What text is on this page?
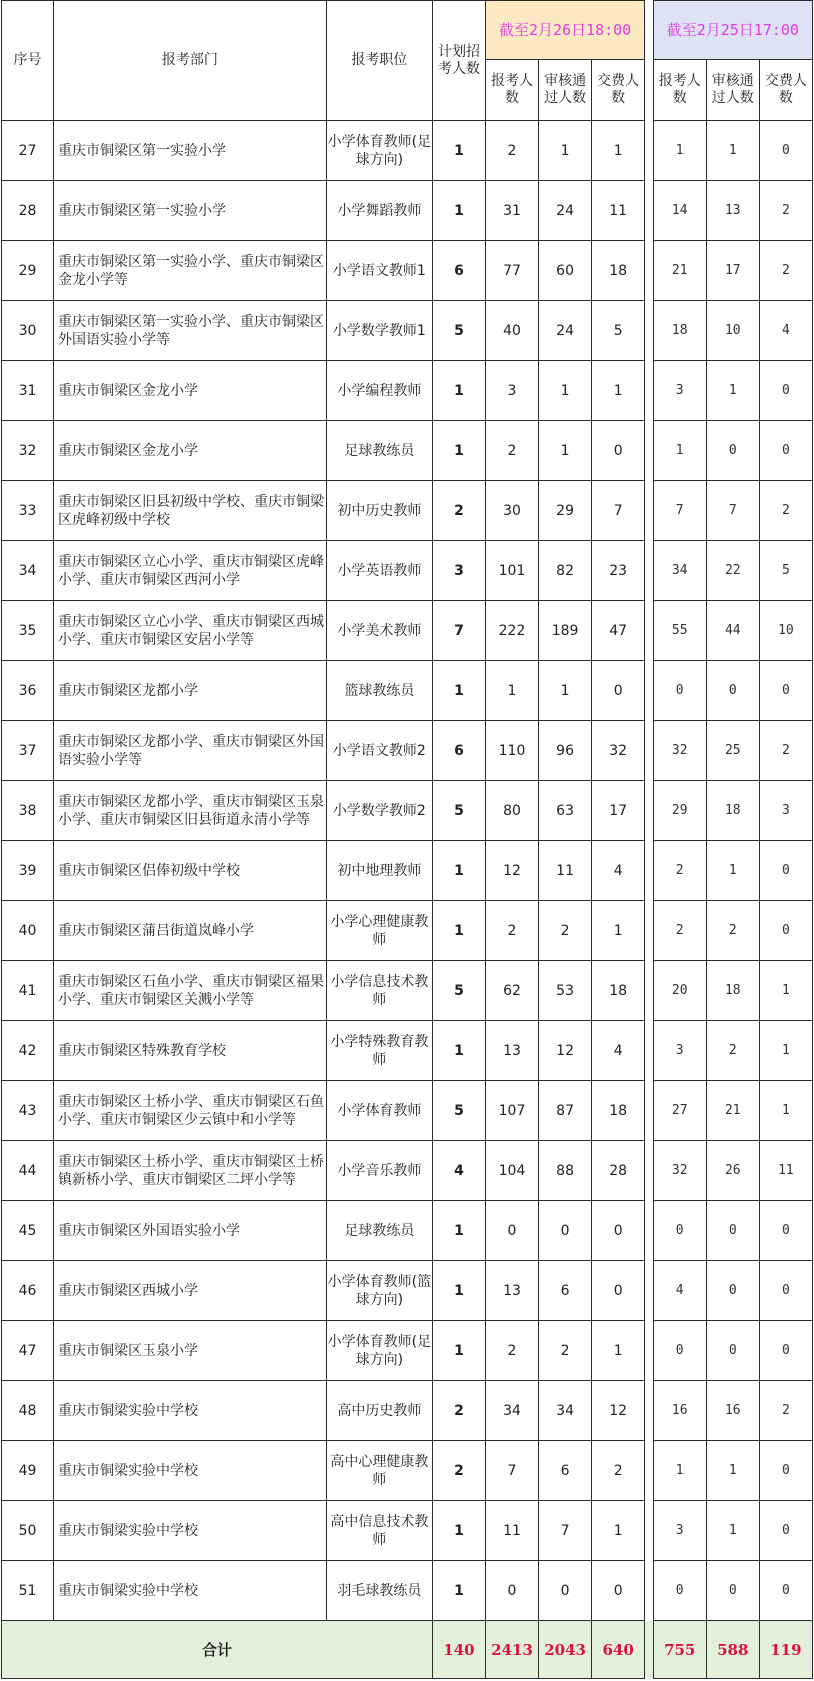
序号	报考部门	报考职位	计划招考人数	截至2月26日18:00				截至2月25日17:00		
				报考人数	审核通过人数	交费人数		报考人数	审核通过人数	交费人数
27	重庆市铜梁区第一实验小学	小学体育教师(足球方向)	1	2	1	1		1	1	0
28	重庆市铜梁区第一实验小学	小学舞蹈教师	1	31	24	11		14	13	2
29	重庆市铜梁区第一实验小学、重庆市铜梁区金龙小学等	小学语文教师1	6	77	60	18		21	17	2
30	重庆市铜梁区第一实验小学、重庆市铜梁区外国语实验小学等	小学数学教师1	5	40	24	5		18	10	4
31	重庆市铜梁区金龙小学	小学编程教师	1	3	1	1		3	1	0
32	重庆市铜梁区金龙小学	足球教练员	1	2	1	0		1	0	0
33	重庆市铜梁区旧县初级中学校、重庆市铜梁区虎峰初级中学校	初中历史教师	2	30	29	7		7	7	2
34	重庆市铜梁区立心小学、重庆市铜梁区虎峰小学、重庆市铜梁区西河小学	小学英语教师	3	101	82	23		34	22	5
35	重庆市铜梁区立心小学、重庆市铜梁区西城小学、重庆市铜梁区安居小学等	小学美术教师	7	222	189	47		55	44	10
36	重庆市铜梁区龙都小学	篮球教练员	1	1	1	0		0	0	0
37	重庆市铜梁区龙都小学、重庆市铜梁区外国语实验小学等	小学语文教师2	6	110	96	32		32	25	2
38	重庆市铜梁区龙都小学、重庆市铜梁区玉泉小学、重庆市铜梁区旧县街道永清小学等	小学数学教师2	5	80	63	17		29	18	3
39	重庆市铜梁区侣俸初级中学校	初中地理教师	1	12	11	4		2	1	0
40	重庆市铜梁区蒲吕街道岚峰小学	小学心理健康教师	1	2	2	1		2	2	0
41	重庆市铜梁区石鱼小学、重庆市铜梁区福果小学、重庆市铜梁区关溅小学等	小学信息技术教师	5	62	53	18		20	18	1
42	重庆市铜梁区特殊教育学校	小学特殊教育教师	1	13	12	4		3	2	1
43	重庆市铜梁区土桥小学、重庆市铜梁区石鱼小学、重庆市铜梁区少云镇中和小学等	小学体育教师	5	107	87	18		27	21	1
44	重庆市铜梁区土桥小学、重庆市铜梁区土桥镇新桥小学、重庆市铜梁区二坪小学等	小学音乐教师	4	104	88	28		32	26	11
45	重庆市铜梁区外国语实验小学	足球教练员	1	0	0	0		0	0	0
46	重庆市铜梁区西城小学	小学体育教师(篮球方向)	1	13	6	0		4	0	0
47	重庆市铜梁区玉泉小学	小学体育教师(足球方向)	1	2	2	1		0	0	0
48	重庆市铜梁实验中学校	高中历史教师	2	34	34	12		16	16	2
49	重庆市铜梁实验中学校	高中心理健康教师	2	7	6	2		1	1	0
50	重庆市铜梁实验中学校	高中信息技术教师	1	11	7	1		3	1	0
51	重庆市铜梁实验中学校	羽毛球教练员	1	0	0	0		0	0	0
合计			140	2413	2043	640		755	588	119
